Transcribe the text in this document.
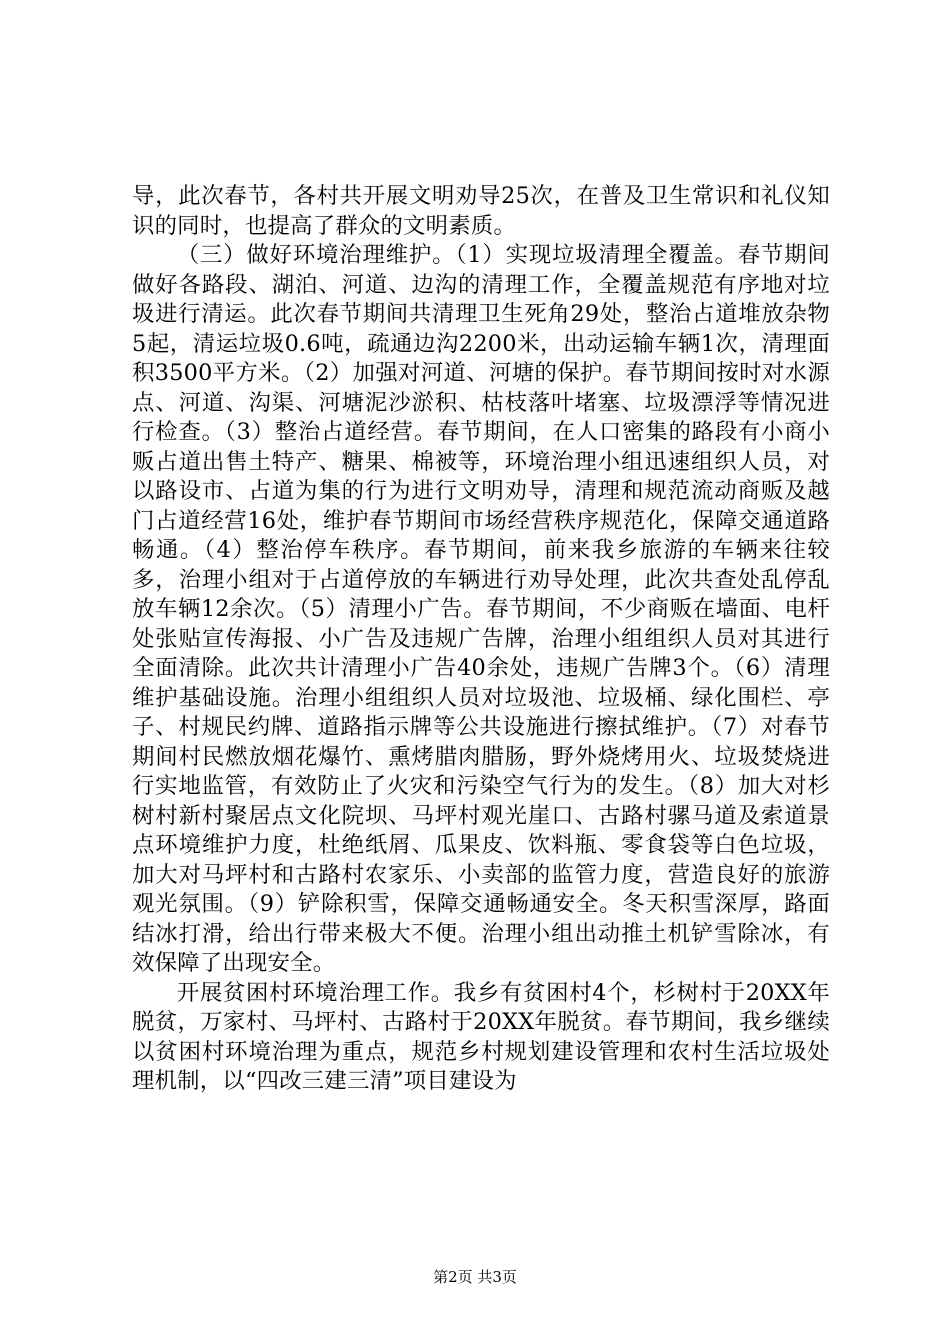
导，此次春节，各村共开展文明劝导25次，在普及卫生常识和礼仪知识的同时，也提高了群众的文明素质。

（三）做好环境治理维护。（1）实现垃圾清理全覆盖。春节期间做好各路段、湖泊、河道、边沟的清理工作，全覆盖规范有序地对垃圾进行清运。此次春节期间共清理卫生死角29处，整治占道堆放杂物5起，清运垃圾0.6吨，疏通边沟2200米，出动运输车辆1次，清理面积3500平方米。（2）加强对河道、河塘的保护。春节期间按时对水源点、河道、沟渠、河塘泥沙淤积、枯枝落叶堵塞、垃圾漂浮等情况进行检查。（3）整治占道经营。春节期间，在人口密集的路段有小商小贩占道出售土特产、糖果、棉被等，环境治理小组迅速组织人员，对以路设市、占道为集的行为进行文明劝导，清理和规范流动商贩及越门占道经营16处，维护春节期间市场经营秩序规范化，保障交通道路畅通。（4）整治停车秩序。春节期间，前来我乡旅游的车辆来往较多，治理小组对于占道停放的车辆进行劝导处理，此次共查处乱停乱放车辆12余次。（5）清理小广告。春节期间，不少商贩在墙面、电杆处张贴宣传海报、小广告及违规广告牌，治理小组组织人员对其进行全面清除。此次共计清理小广告40余处，违规广告牌3个。（6）清理维护基础设施。治理小组组织人员对垃圾池、垃圾桶、绿化围栏、亭子、村规民约牌、道路指示牌等公共设施进行擦拭维护。（7）对春节期间村民燃放烟花爆竹、熏烤腊肉腊肠，野外烧烤用火、垃圾焚烧进行实地监管，有效防止了火灾和污染空气行为的发生。（8）加大对杉树村新村聚居点文化院坝、马坪村观光崖口、古路村骡马道及索道景点环境维护力度，杜绝纸屑、瓜果皮、饮料瓶、零食袋等白色垃圾，加大对马坪村和古路村农家乐、小卖部的监管力度，营造良好的旅游观光氛围。（9）铲除积雪，保障交通畅通安全。冬天积雪深厚，路面结冰打滑，给出行带来极大不便。治理小组出动推土机铲雪除冰，有效保障了出现安全。

开展贫困村环境治理工作。我乡有贫困村4个，杉树村于20XX年脱贫，万家村、马坪村、古路村于20XX年脱贫。春节期间，我乡继续以贫困村环境治理为重点，规范乡村规划建设管理和农村生活垃圾处理机制，以“四改三建三清”项目建设为

第2页 共3页
